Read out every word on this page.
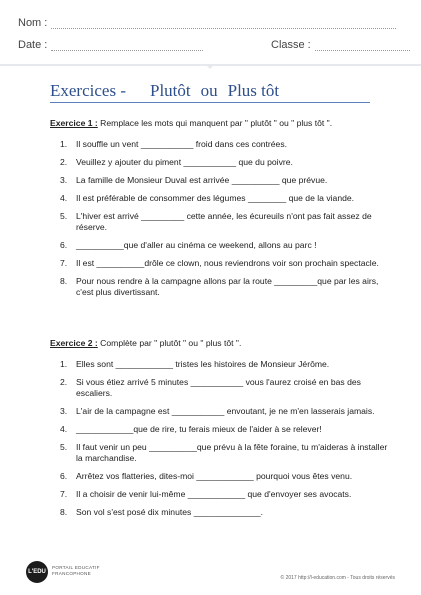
Nom :
Date :	Classe :
Exercices - Plutôt ou Plus tôt

Exercice 1 : Remplace les mots qui manquent par " plutôt " ou " plus tôt ".

1. Il souffle un vent ___________ froid dans ces contrées.
2. Veuillez y ajouter du piment ___________ que du poivre.
3. La famille de Monsieur Duval est arrivée __________ que prévue.
4. Il est préférable de consommer des légumes ________ que de la viande.
5. L'hiver est arrivé _________ cette année, les écureuils n'ont pas fait assez de réserve.
6. __________que d'aller au cinéma ce weekend, allons au parc !
7. Il est __________drôle ce clown, nous reviendrons voir son prochain spectacle.
8. Pour nous rendre à la campagne allons par la route _________que par les airs, c'est plus divertissant.

Exercice 2 : Complète par " plutôt " ou " plus tôt ".

1. Elles sont ____________ tristes les histoires de Monsieur Jérôme.
2. Si vous étiez arrivé 5 minutes ___________ vous l'aurez croisé en bas des escaliers.
3. L'air de la campagne est ___________ envoutant, je ne m'en lasserais jamais.
4. ____________que de rire, tu ferais mieux de l'aider à se relever!
5. Il faut venir un peu __________que prévu à la fête foraine, tu m'aideras à installer la marchandise.
6. Arrêtez vos flatteries, dites-moi ____________ pourquoi vous êtes venu.
7. Il a choisir de venir lui-même ____________ que d'envoyer ses avocats.
8. Son vol s'est posé dix minutes ______________.
L'EDU
PORTAIL EDUCATIF
FRANCOPHONE
© 2017 http://l-education.com - Tous droits réservés
